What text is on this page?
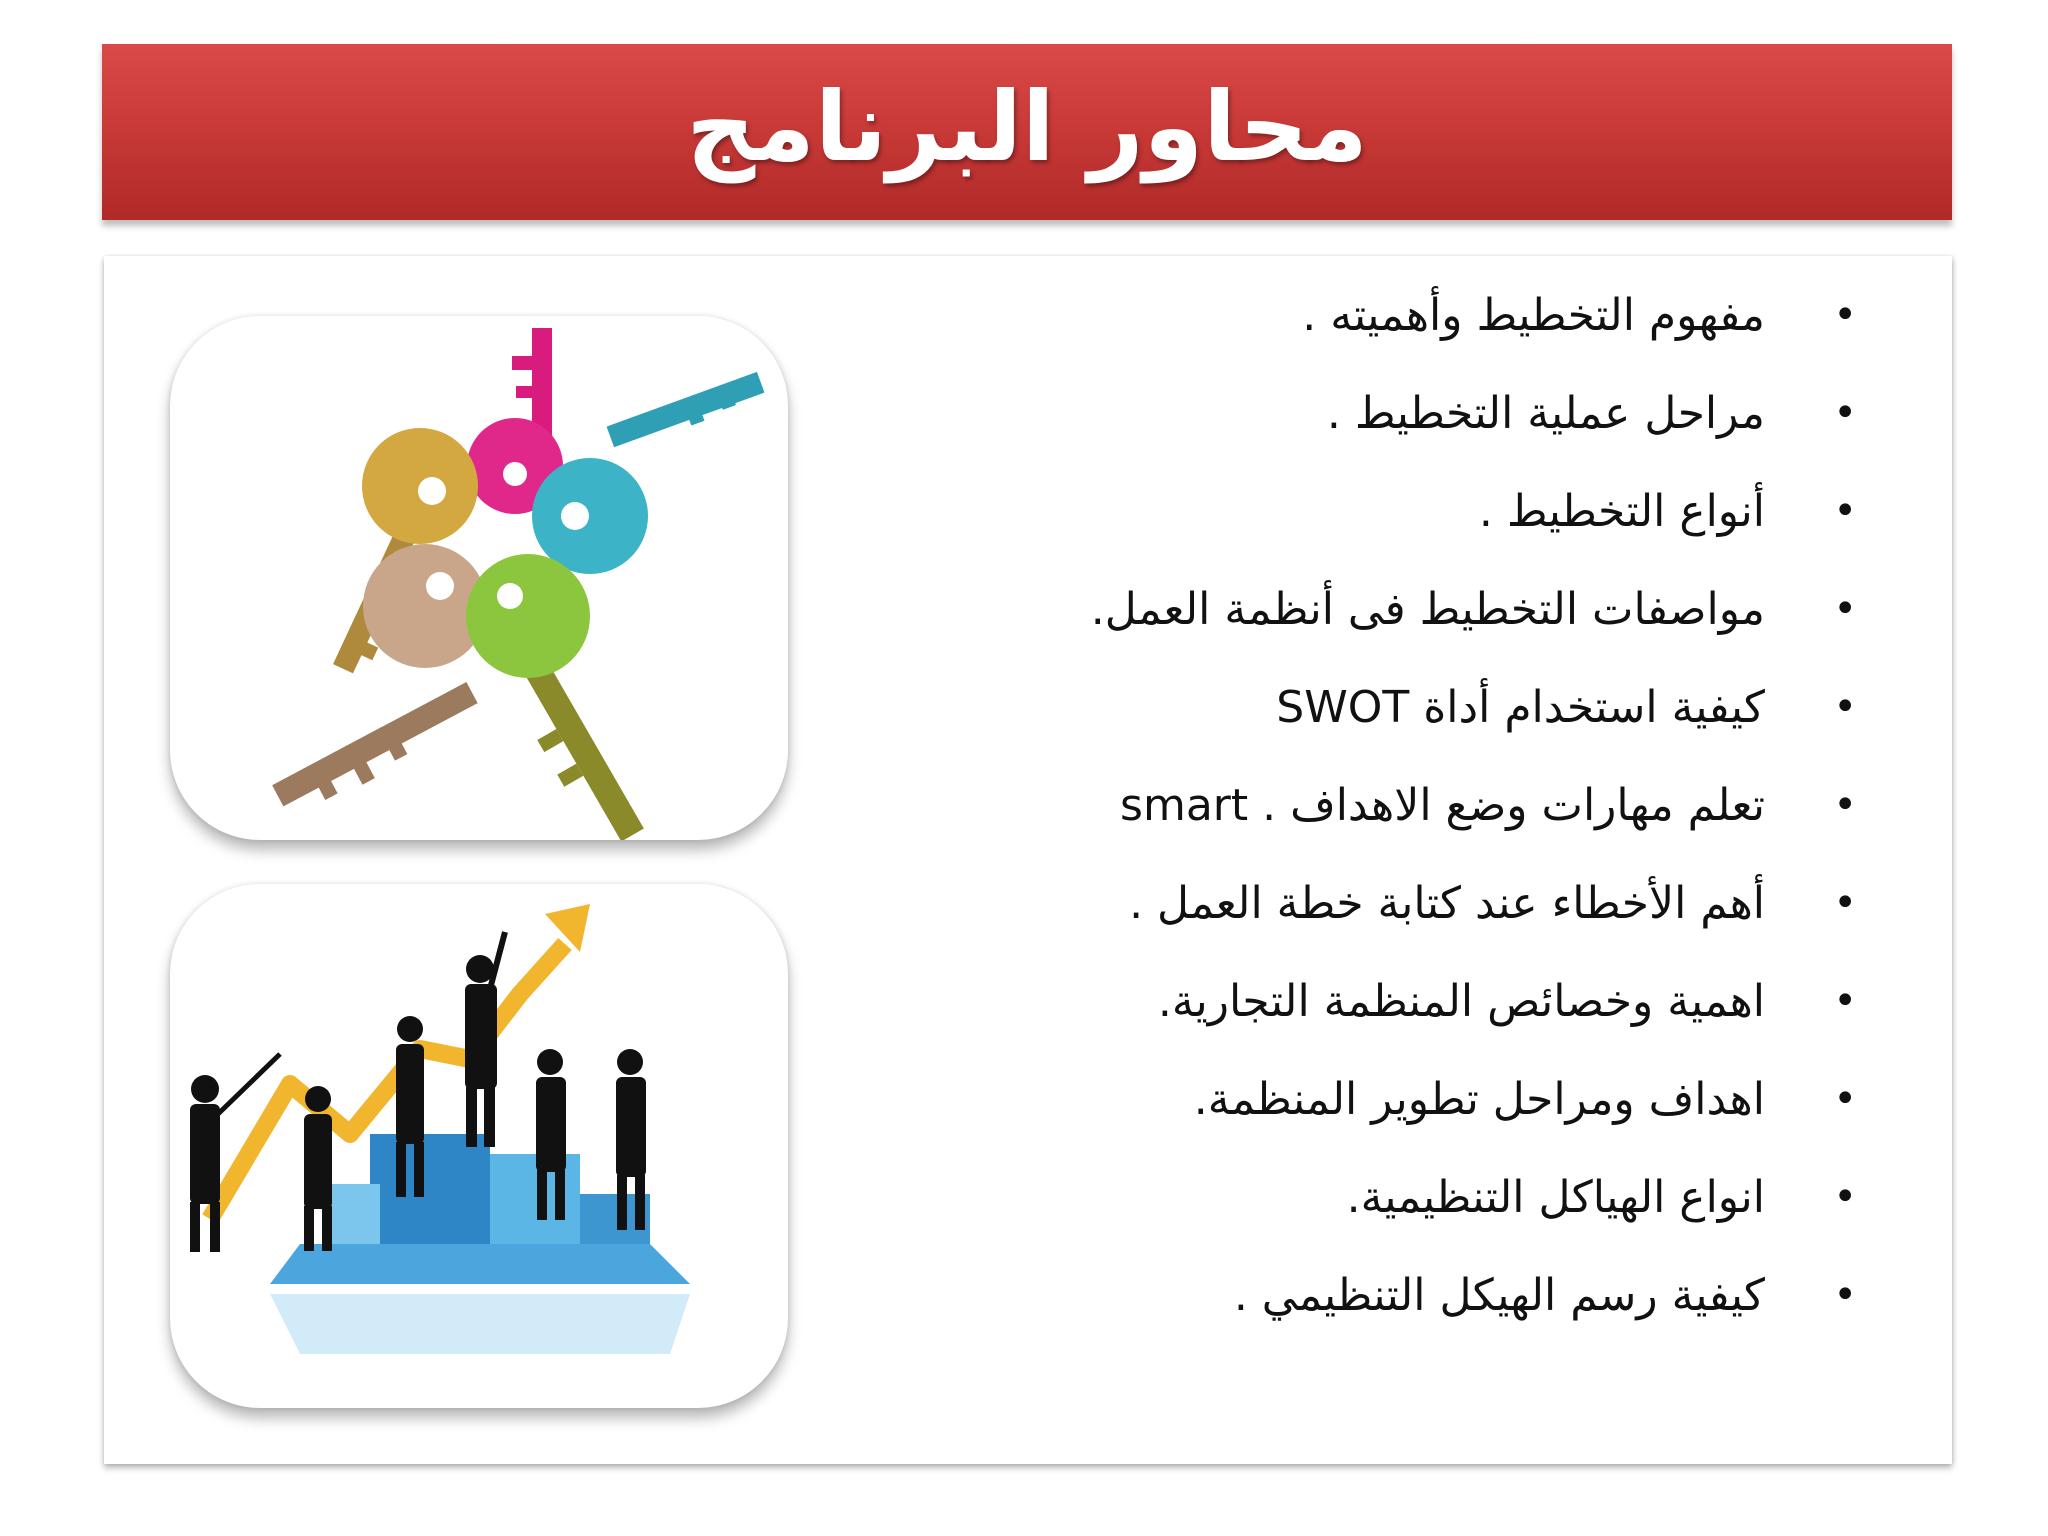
محاور البرنامج
•
مفهوم التخطيط وأهميته .
•
مراحل عملية التخطيط .
•
أنواع التخطيط .
•
مواصفات التخطيط فى أنظمة العمل.
•
كيفية استخدام أداة SWOT
•
تعلم مهارات وضع الاهداف . smart
•
أهم الأخطاء عند كتابة خطة العمل .
•
اهمية وخصائص المنظمة التجارية.
•
اهداف ومراحل تطوير المنظمة.
•
انواع الهياكل التنظيمية.
•
كيفية رسم الهيكل التنظيمي .
